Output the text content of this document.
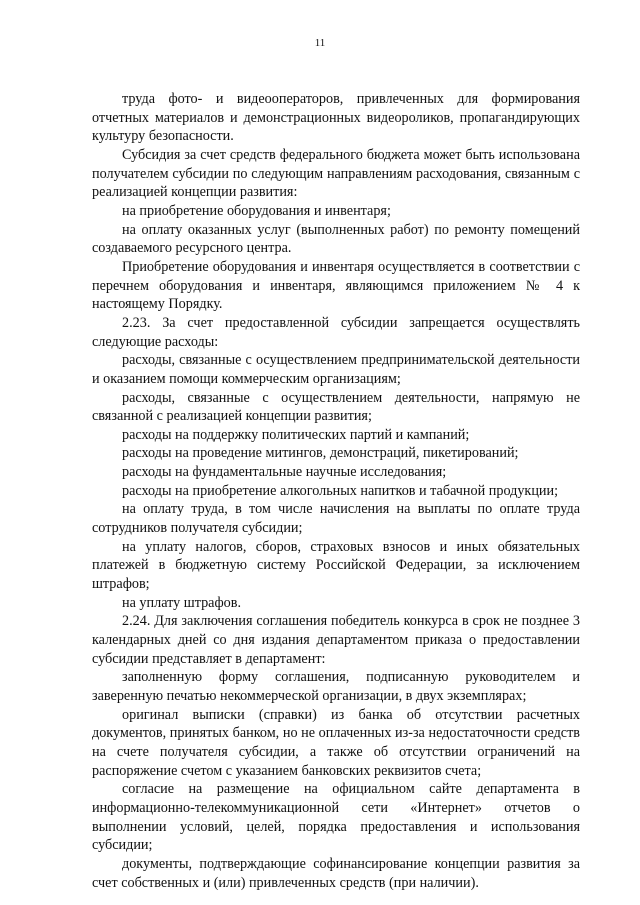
11

труда фото- и видеооператоров, привлеченных для формирования отчетных материалов и демонстрационных видеороликов, пропагандирующих культуру безопасности.

Субсидия за счет средств федерального бюджета может быть использована получателем субсидии по следующим направлениям расходования, связанным с реализацией концепции развития:

на приобретение оборудования и инвентаря;

на оплату оказанных услуг (выполненных работ) по ремонту помещений создаваемого ресурсного центра.

Приобретение оборудования и инвентаря осуществляется в соответствии с перечнем оборудования и инвентаря, являющимся приложением № 4 к настоящему Порядку.

2.23. За счет предоставленной субсидии запрещается осуществлять следующие расходы:

расходы, связанные с осуществлением предпринимательской деятельности и оказанием помощи коммерческим организациям;

расходы, связанные с осуществлением деятельности, напрямую не связанной с реализацией концепции развития;

расходы на поддержку политических партий и кампаний;

расходы на проведение митингов, демонстраций, пикетирований;

расходы на фундаментальные научные исследования;

расходы на приобретение алкогольных напитков и табачной продукции;

на оплату труда, в том числе начисления на выплаты по оплате труда сотрудников получателя субсидии;

на уплату налогов, сборов, страховых взносов и иных обязательных платежей в бюджетную систему Российской Федерации, за исключением штрафов;

на уплату штрафов.

2.24. Для заключения соглашения победитель конкурса в срок не позднее 3 календарных дней со дня издания департаментом приказа о предоставлении субсидии представляет в департамент:

заполненную форму соглашения, подписанную руководителем и заверенную печатью некоммерческой организации, в двух экземплярах;

оригинал выписки (справки) из банка об отсутствии расчетных документов, принятых банком, но не оплаченных из-за недостаточности средств на счете получателя субсидии, а также об отсутствии ограничений на распоряжение счетом с указанием банковских реквизитов счета;

согласие на размещение на официальном сайте департамента в информационно-телекоммуникационной сети «Интернет» отчетов о выполнении условий, целей, порядка предоставления и использования субсидии;

документы, подтверждающие софинансирование концепции развития за счет собственных и (или) привлеченных средств (при наличии).
